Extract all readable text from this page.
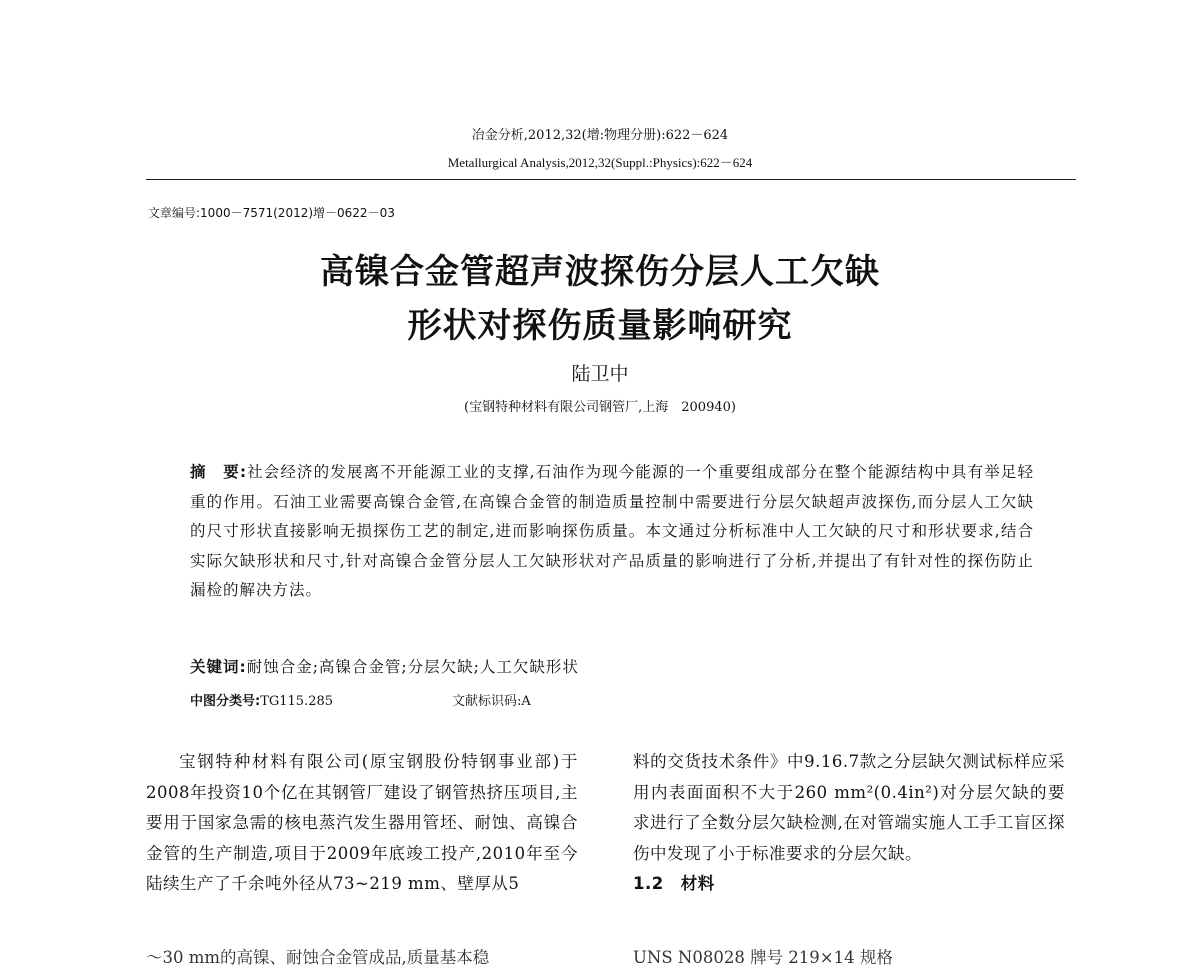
冶金分析,2012,32(增:物理分册):622－624
Metallurgical Analysis,2012,32(Suppl.:Physics):622－624
文章编号:1000－7571(2012)增－0622－03
高镍合金管超声波探伤分层人工欠缺
形状对探伤质量影响研究
陆卫中
(宝钢特种材料有限公司钢管厂,上海　200940)
摘　要:社会经济的发展离不开能源工业的支撑,石油作为现今能源的一个重要组成部分在整个能源结构中具有举足轻重的作用。石油工业需要高镍合金管,在高镍合金管的制造质量控制中需要进行分层欠缺超声波探伤,而分层人工欠缺的尺寸形状直接影响无损探伤工艺的制定,进而影响探伤质量。本文通过分析标准中人工欠缺的尺寸和形状要求,结合实际欠缺形状和尺寸,针对高镍合金管分层人工欠缺形状对产品质量的影响进行了分析,并提出了有针对性的探伤防止漏检的解决方法。
关键词:耐蚀合金;高镍合金管;分层欠缺;人工欠缺形状
中图分类号:TG115.285	文献标识码:A
宝钢特种材料有限公司(原宝钢股份特钢事业部)于2008年投资10个亿在其钢管厂建设了钢管热挤压项目,主要用于国家急需的核电蒸汽发生器用管坯、耐蚀、高镍合金管的生产制造,项目于2009年底竣工投产,2010年至今陆续生产了千余吨外径从73~219 mm、壁厚从5
料的交货技术条件》中9.16.7款之分层缺欠测试标样应采用内表面面积不大于260 mm²(0.4in²)对分层欠缺的要求进行了全数分层欠缺检测,在对管端实施人工手工盲区探伤中发现了小于标准要求的分层欠缺。
1.2　材料
～30 mm的高镍、耐蚀合金管成品,质量基本稳	UNS N08028 牌号 219×14 规格
